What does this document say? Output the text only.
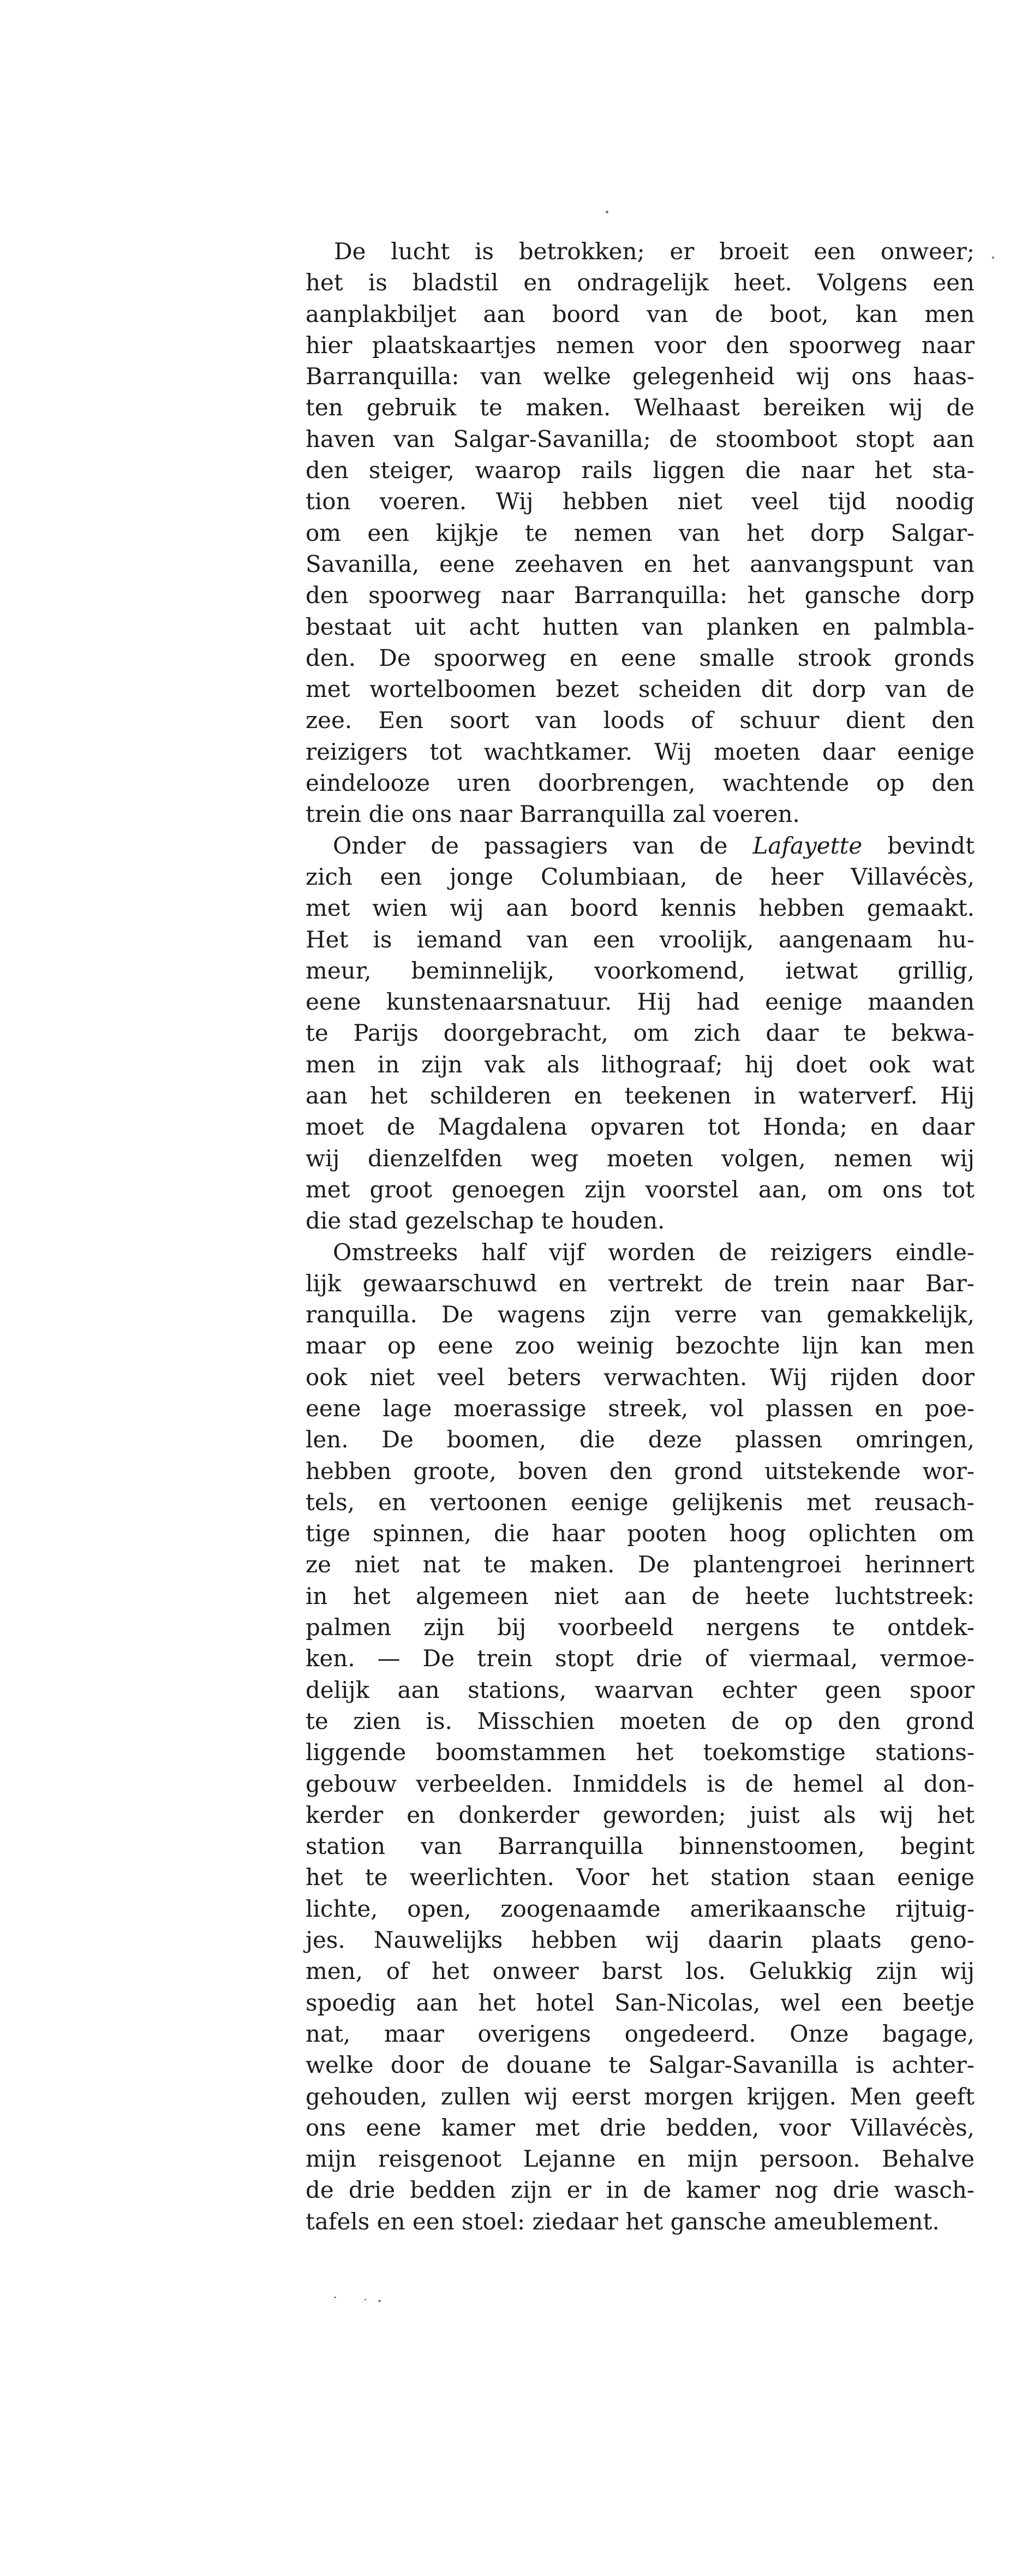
De lucht is betrokken; er broeit een onweer;
het is bladstil en ondragelijk heet. Volgens een
aanplakbiljet aan boord van de boot, kan men
hier plaatskaartjes nemen voor den spoorweg naar
Barranquilla: van welke gelegenheid wij ons haas-
ten gebruik te maken. Welhaast bereiken wij de
haven van Salgar-Savanilla; de stoomboot stopt aan
den steiger, waarop rails liggen die naar het sta-
tion voeren. Wij hebben niet veel tijd noodig
om een kijkje te nemen van het dorp Salgar-
Savanilla, eene zeehaven en het aanvangspunt van
den spoorweg naar Barranquilla: het gansche dorp
bestaat uit acht hutten van planken en palmbla-
den. De spoorweg en eene smalle strook gronds
met wortelboomen bezet scheiden dit dorp van de
zee. Een soort van loods of schuur dient den
reizigers tot wachtkamer. Wij moeten daar eenige
eindelooze uren doorbrengen, wachtende op den
trein die ons naar Barranquilla zal voeren.

Onder de passagiers van de Lafayette bevindt
zich een jonge Columbiaan, de heer Villavécès,
met wien wij aan boord kennis hebben gemaakt.
Het is iemand van een vroolijk, aangenaam hu-
meur, beminnelijk, voorkomend, ietwat grillig,
eene kunstenaarsnatuur. Hij had eenige maanden
te Parijs doorgebracht, om zich daar te bekwa-
men in zijn vak als lithograaf; hij doet ook wat
aan het schilderen en teekenen in waterverf. Hij
moet de Magdalena opvaren tot Honda; en daar
wij dienzelfden weg moeten volgen, nemen wij
met groot genoegen zijn voorstel aan, om ons tot
die stad gezelschap te houden.

Omstreeks half vijf worden de reizigers eindle-
lijk gewaarschuwd en vertrekt de trein naar Bar-
ranquilla. De wagens zijn verre van gemakkelijk,
maar op eene zoo weinig bezochte lijn kan men
ook niet veel beters verwachten. Wij rijden door
eene lage moerassige streek, vol plassen en poe-
len. De boomen, die deze plassen omringen,
hebben groote, boven den grond uitstekende wor-
tels, en vertoonen eenige gelijkenis met reusach-
tige spinnen, die haar pooten hoog oplichten om
ze niet nat te maken. De plantengroei herinnert
in het algemeen niet aan de heete luchtstreek:
palmen zijn bij voorbeeld nergens te ontdek-
ken. — De trein stopt drie of viermaal, vermoe-
delijk aan stations, waarvan echter geen spoor
te zien is. Misschien moeten de op den grond
liggende boomstammen het toekomstige stations-
gebouw verbeelden. Inmiddels is de hemel al don-
kerder en donkerder geworden; juist als wij het
station van Barranquilla binnenstoomen, begint
het te weerlichten. Voor het station staan eenige
lichte, open, zoogenaamde amerikaansche rijtuig-
jes. Nauwelijks hebben wij daarin plaats geno-
men, of het onweer barst los. Gelukkig zijn wij
spoedig aan het hotel San-Nicolas, wel een beetje
nat, maar overigens ongedeerd. Onze bagage,
welke door de douane te Salgar-Savanilla is achter-
gehouden, zullen wij eerst morgen krijgen. Men geeft
ons eene kamer met drie bedden, voor Villavécès,
mijn reisgenoot Lejanne en mijn persoon. Behalve
de drie bedden zijn er in de kamer nog drie wasch-
tafels en een stoel: ziedaar het gansche ameublement.
